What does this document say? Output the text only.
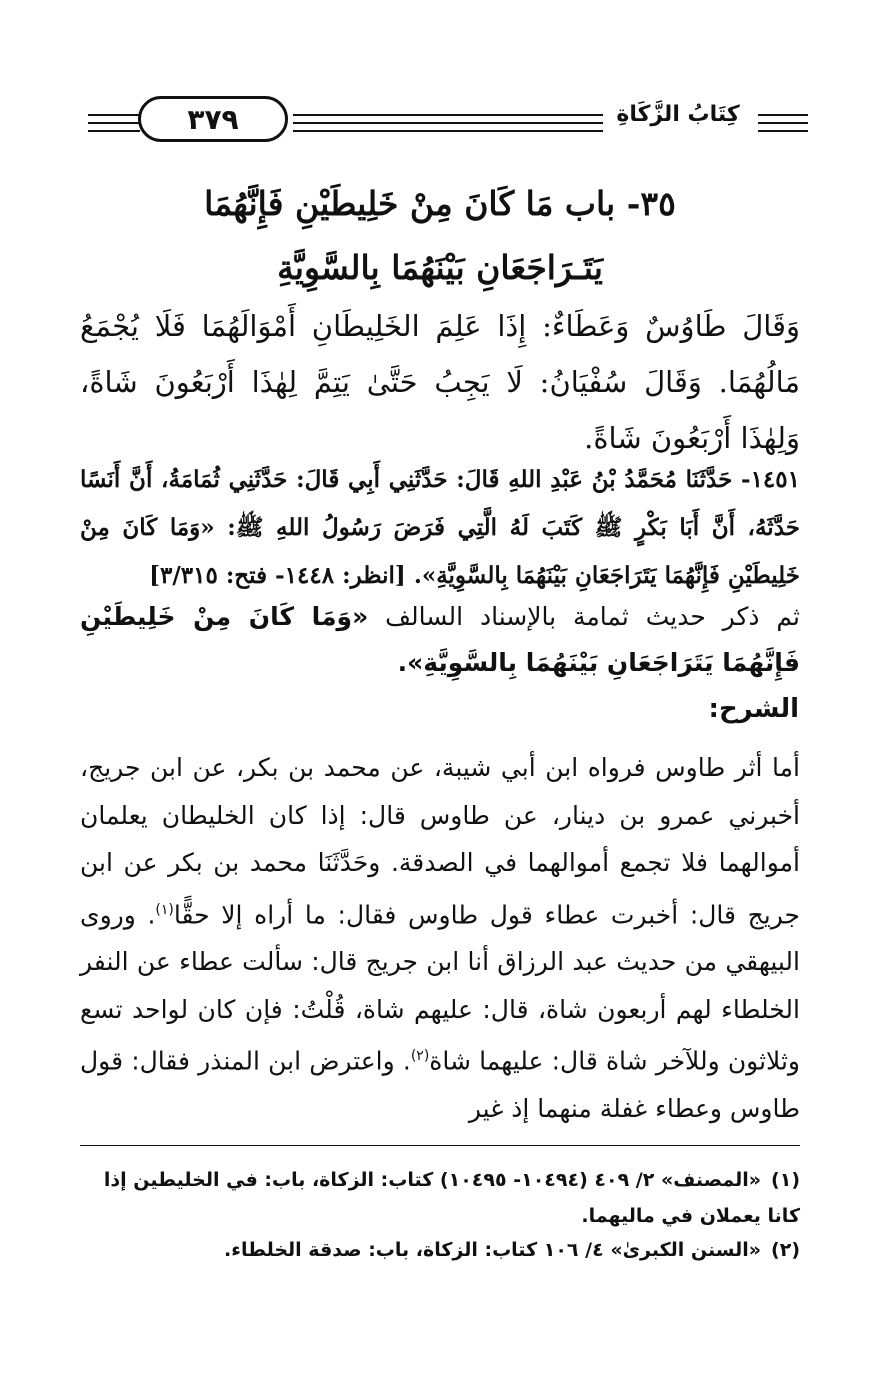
٣٧٩	كِتَابُ الزَّكَاةِ
٣٥- باب مَا كَانَ مِنْ خَلِيطَيْنِ فَإِنَّهُمَا
يَتَـرَاجَعَانِ بَيْنَهُمَا بِالسَّوِيَّةِ
وَقَالَ طَاوُسٌ وَعَطَاءٌ: إِذَا عَلِمَ الخَلِيطَانِ أَمْوَالَهُمَا فَلَا يُجْمَعُ مَالُهُمَا. وَقَالَ سُفْيَانُ: لَا يَجِبُ حَتَّىٰ يَتِمَّ لِهٰذَا أَرْبَعُونَ شَاةً، وَلِهٰذَا أَرْبَعُونَ شَاةً.
١٤٥١- حَدَّثَنَا مُحَمَّدُ بْنُ عَبْدِ اللهِ قَالَ: حَدَّثَنِي أَبِي قَالَ: حَدَّثَنِي ثُمَامَةُ، أَنَّ أَنَسًا حَدَّثَهُ، أَنَّ أَبَا بَكْرٍ ﷺ كَتَبَ لَهُ الَّتِي فَرَضَ رَسُولُ اللهِ ﷺ: «وَمَا كَانَ مِنْ خَلِيطَيْنِ فَإِنَّهُمَا يَتَرَاجَعَانِ بَيْنَهُمَا بِالسَّوِيَّةِ». [انظر: ١٤٤٨- فتح: ٣/٣١٥]
ثم ذكر حديث ثمامة بالإسناد السالف «وَمَا كَانَ مِنْ خَلِيطَيْنِ فَإِنَّهُمَا يَتَرَاجَعَانِ بَيْنَهُمَا بِالسَّوِيَّةِ».
الشرح:
أما أثر طاوس فرواه ابن أبي شيبة، عن محمد بن بكر، عن ابن جريج، أخبرني عمرو بن دينار، عن طاوس قال: إذا كان الخليطان يعلمان أموالهما فلا تجمع أموالهما في الصدقة. وحَدَّثَنَا محمد بن بكر عن ابن جريج قال: أخبرت عطاء قول طاوس فقال: ما أراه إلا حقًّا$^{(١)}$. وروى البيهقي من حديث عبد الرزاق أنا ابن جريج قال: سألت عطاء عن النفر الخلطاء لهم أربعون شاة، قال: عليهم شاة، قُلْتُ: فإن كان لواحد تسع وثلاثون وللآخر شاة قال: عليهما شاة$^{(٢)}$. واعترض ابن المنذر فقال: قول طاوس وعطاء غفلة منهما إذ غير
(١)«المصنف» ٢/ ٤٠٩ (١٠٤٩٤- ١٠٤٩٥) كتاب: الزكاة، باب: في الخليطين إذا كانا يعملان في ماليهما.
(٢)«السنن الكبرىٰ» ٤/ ١٠٦ كتاب: الزكاة، باب: صدقة الخلطاء.
